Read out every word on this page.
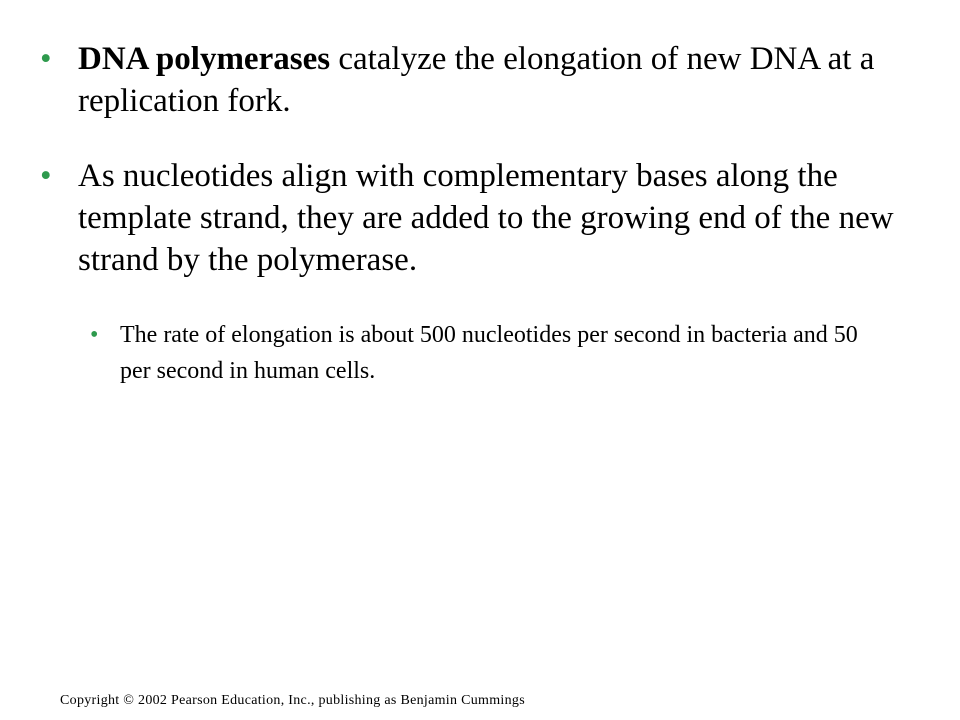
• DNA polymerases catalyze the elongation of new DNA at a replication fork.
• As nucleotides align with complementary bases along the template strand, they are added to the growing end of the new strand by the polymerase.
• The rate of elongation is about 500 nucleotides per second in bacteria and 50 per second in human cells.
Copyright © 2002 Pearson Education, Inc., publishing as Benjamin Cummings
